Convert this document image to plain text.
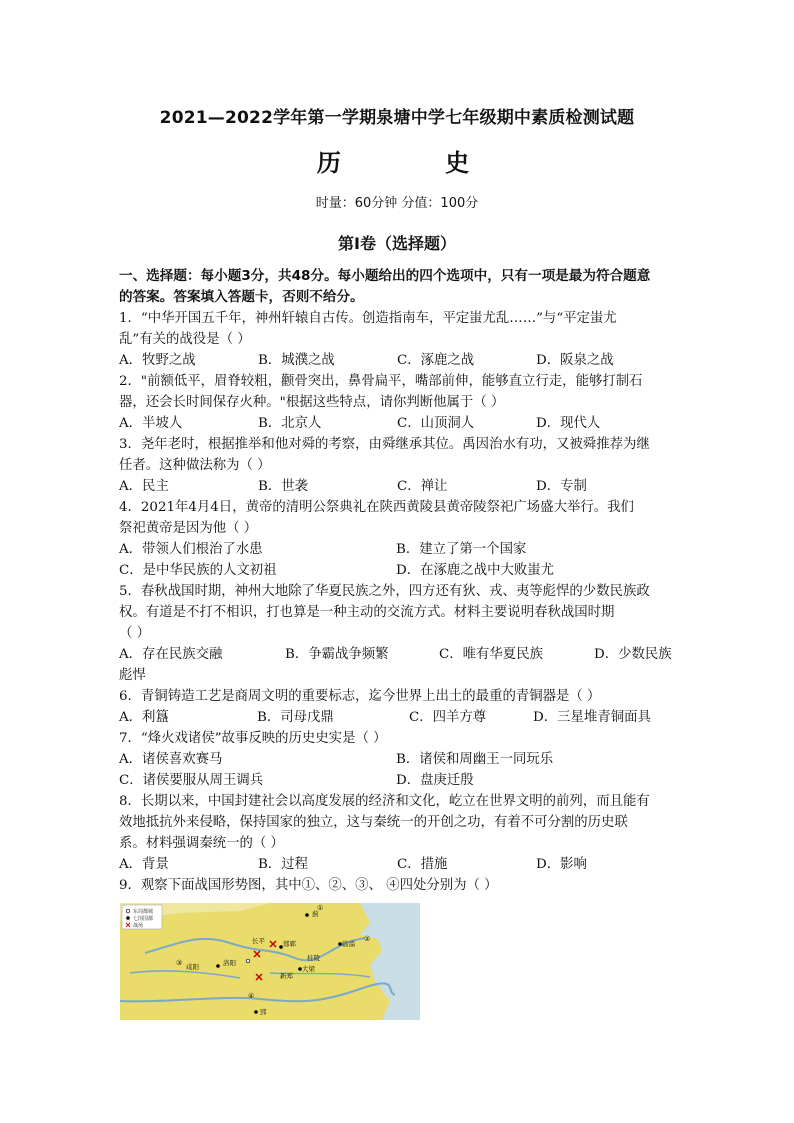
2021—2022学年第一学期泉塘中学七年级期中素质检测试题
历 史
时量：60分钟 分值：100分
第Ⅰ卷（选择题）
一、选择题：每小题3分，共48分。每小题给出的四个选项中，只有一项是最为符合题意
的答案。答案填入答题卡，否则不给分。
1．“中华开国五千年，神州轩辕自古传。创造指南车，平定蚩尤乱……”与“平定蚩尤
乱”有关的战役是（ ）
A．牧野之战	B．城濮之战	C．涿鹿之战	D．阪泉之战
2．"前额低平，眉脊较粗，颧骨突出，鼻骨扁平，嘴部前伸，能够直立行走，能够打制石
器，还会长时间保存火种。"根据这些特点，请你判断他属于（ ）
A．半坡人	B．北京人	C．山顶洞人	D．现代人
3．尧年老时，根据推举和他对舜的考察，由舜继承其位。禹因治水有功，又被舜推荐为继
任者。这种做法称为（ ）
A．民主	B．世袭	C．禅让	D．专制
4．2021年4月4日，黄帝的清明公祭典礼在陕西黄陵县黄帝陵祭祀广场盛大举行。我们
祭祀黄帝是因为他（ ）
A．带领人们根治了水患	B．建立了第一个国家
C．是中华民族的人文初祖	D．在涿鹿之战中大败蚩尤
5．春秋战国时期，神州大地除了华夏民族之外，四方还有狄、戎、夷等彪悍的少数民族政
权。有道是不打不相识，打也算是一种主动的交流方式。材料主要说明春秋战国时期
（ ）
A．存在民族交融	B．争霸战争频繁	C．唯有华夏民族	D．少数民族
彪悍
6．青铜铸造工艺是商周文明的重要标志，迄今世界上出土的最重的青铜器是（ ）
A．利簋	B．司母戊鼎	C．四羊方尊	D．三星堆青铜面具
7．“烽火戏诸侯”故事反映的历史史实是（ ）
A．诸侯喜欢赛马	B．诸侯和周幽王一同玩乐
C．诸侯要服从周王调兵	D．盘庚迁殷
8．长期以来，中国封建社会以高度发展的经济和文化，屹立在世界文明的前列，而且能有
效地抵抗外来侵略，保持国家的独立，这与秦统一的开创之功，有着不可分割的历史联
系。材料强调秦统一的（ ）
A．背景	B．过程	C．措施	D．影响
9．观察下面战国形势图，其中①、②、③、 ④四处分别为（ ）
东周都城
七国国都
战场
蓟
邯郸	临淄
长平
桂陵
大梁
咸阳	洛阳
郢
新郑
①
②
③
④
